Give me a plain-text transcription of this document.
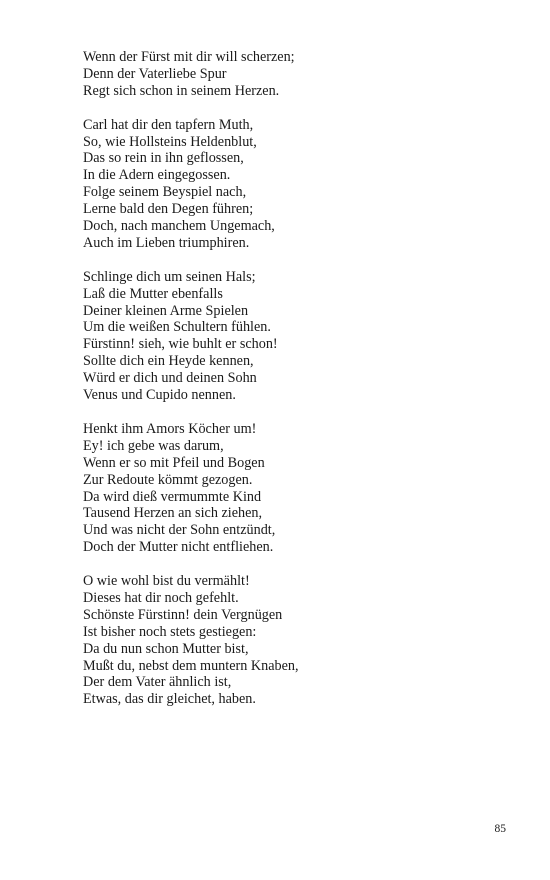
Wenn der Fürst mit dir will scherzen;
Denn der Vaterliebe Spur
Regt sich schon in seinem Herzen.
Carl hat dir den tapfern Muth,
So, wie Hollsteins Heldenblut,
Das so rein in ihn geflossen,
In die Adern eingegossen.
Folge seinem Beyspiel nach,
Lerne bald den Degen führen;
Doch, nach manchem Ungemach,
Auch im Lieben triumphiren.
Schlinge dich um seinen Hals;
Laß die Mutter ebenfalls
Deiner kleinen Arme Spielen
Um die weißen Schultern fühlen.
Fürstinn! sieh, wie buhlt er schon!
Sollte dich ein Heyde kennen,
Würd er dich und deinen Sohn
Venus und Cupido nennen.
Henkt ihm Amors Köcher um!
Ey! ich gebe was darum,
Wenn er so mit Pfeil und Bogen
Zur Redoute kömmt gezogen.
Da wird dieß vermummte Kind
Tausend Herzen an sich ziehen,
Und was nicht der Sohn entzündt,
Doch der Mutter nicht entfliehen.
O wie wohl bist du vermählt!
Dieses hat dir noch gefehlt.
Schönste Fürstinn! dein Vergnügen
Ist bisher noch stets gestiegen:
Da du nun schon Mutter bist,
Mußt du, nebst dem muntern Knaben,
Der dem Vater ähnlich ist,
Etwas, das dir gleichet, haben.
85
